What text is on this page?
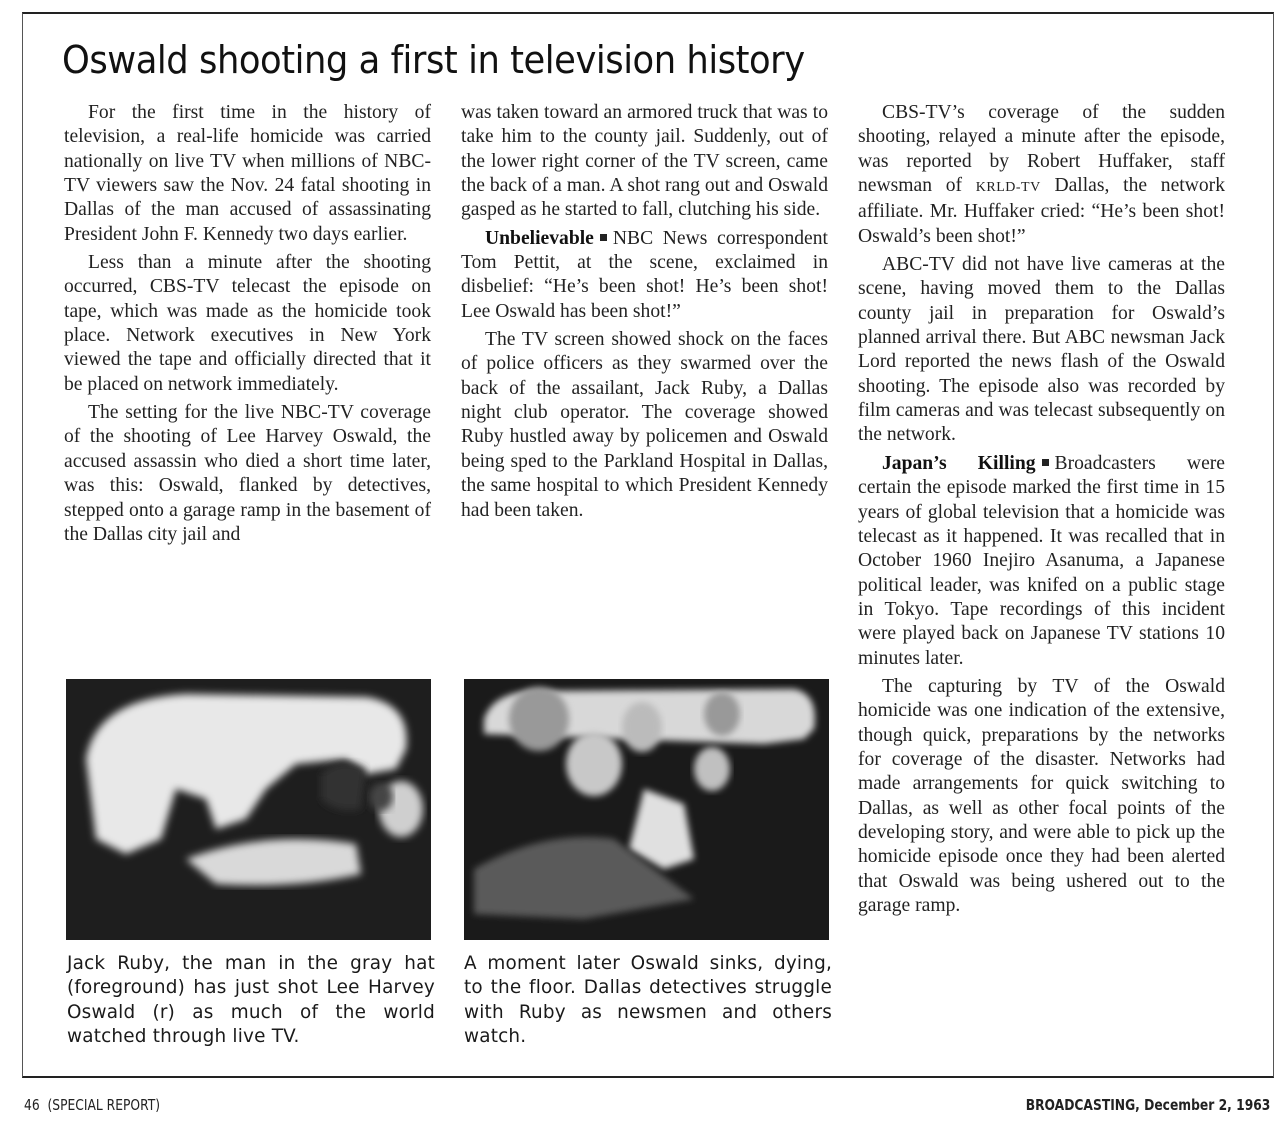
Oswald shooting a first in television history

For the first time in the history of television, a real-life homicide was carried nationally on live TV when millions of NBC-TV viewers saw the Nov. 24 fatal shooting in Dallas of the man accused of assassinating President John F. Kennedy two days earlier.

Less than a minute after the shooting occurred, CBS-TV telecast the episode on tape, which was made as the homicide took place. Network executives in New York viewed the tape and officially directed that it be placed on network immediately.

The setting for the live NBC-TV coverage of the shooting of Lee Harvey Oswald, the accused assassin who died a short time later, was this: Oswald, flanked by detectives, stepped onto a garage ramp in the basement of the Dallas city jail and

was taken toward an armored truck that was to take him to the county jail. Suddenly, out of the lower right corner of the TV screen, came the back of a man. A shot rang out and Oswald gasped as he started to fall, clutching his side.

Unbelievable NBC News correspondent Tom Pettit, at the scene, exclaimed in disbelief: “He’s been shot! He’s been shot! Lee Oswald has been shot!”

The TV screen showed shock on the faces of police officers as they swarmed over the back of the assailant, Jack Ruby, a Dallas night club operator. The coverage showed Ruby hustled away by policemen and Oswald being sped to the Parkland Hospital in Dallas, the same hospital to which President Kennedy had been taken.

CBS-TV’s coverage of the sudden shooting, relayed a minute after the episode, was reported by Robert Huffaker, staff newsman of KRLD-TV Dallas, the network affiliate. Mr. Huffaker cried: “He’s been shot! Oswald’s been shot!”

ABC-TV did not have live cameras at the scene, having moved them to the Dallas county jail in preparation for Oswald’s planned arrival there. But ABC newsman Jack Lord reported the news flash of the Oswald shooting. The episode also was recorded by film cameras and was telecast subsequently on the network.

Japan’s Killing Broadcasters were certain the episode marked the first time in 15 years of global television that a homicide was telecast as it happened. It was recalled that in October 1960 Inejiro Asanuma, a Japanese political leader, was knifed on a public stage in Tokyo. Tape recordings of this incident were played back on Japanese TV stations 10 minutes later.

The capturing by TV of the Oswald homicide was one indication of the extensive, though quick, preparations by the networks for coverage of the disaster. Networks had made arrangements for quick switching to Dallas, as well as other focal points of the developing story, and were able to pick up the homicide episode once they had been alerted that Oswald was being ushered out to the garage ramp.

Jack Ruby, the man in the gray hat (foreground) has just shot Lee Harvey Oswald (r) as much of the world watched through live TV.
A moment later Oswald sinks, dying, to the floor. Dallas detectives struggle with Ruby as newsmen and others watch.
46 (SPECIAL REPORT)	BROADCASTING, December 2, 1963
